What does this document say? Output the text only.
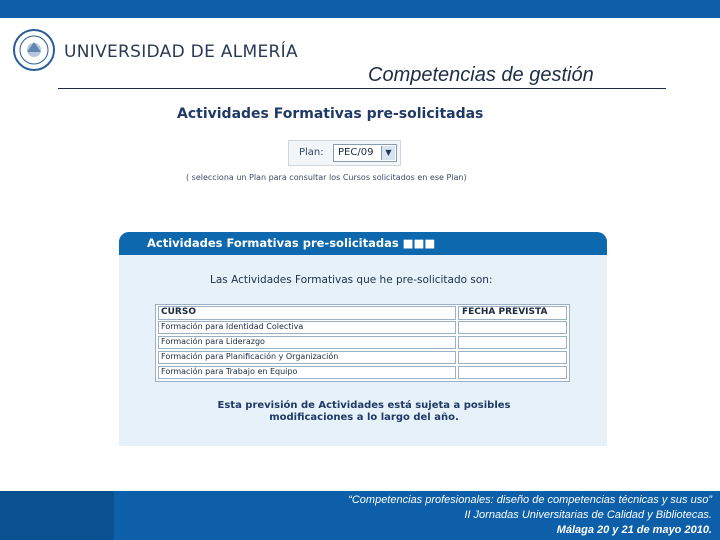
UNIVERSIDAD DE ALMERÍA
Competencias de gestión
Actividades Formativas pre-solicitadas
Plan: PEC/09	▼
( selecciona un Plan para consultar los Cursos solicitados en ese Plan)
Actividades Formativas pre-solicitadas ■■■
Las Actividades Formativas que he pre-solicitado son:
CURSO	FECHA PREVISTA
Formación para Identidad Colectiva
Formación para Liderazgo
Formación para Planificación y Organización
Formación para Trabajo en Equipo
Esta previsión de Actividades está sujeta a posibles
modificaciones a lo largo del año.
“Competencias profesionales: diseño de competencias técnicas y sus uso”
II Jornadas Universitarias de Calidad y Bibliotecas.
Málaga 20 y 21 de mayo 2010.
